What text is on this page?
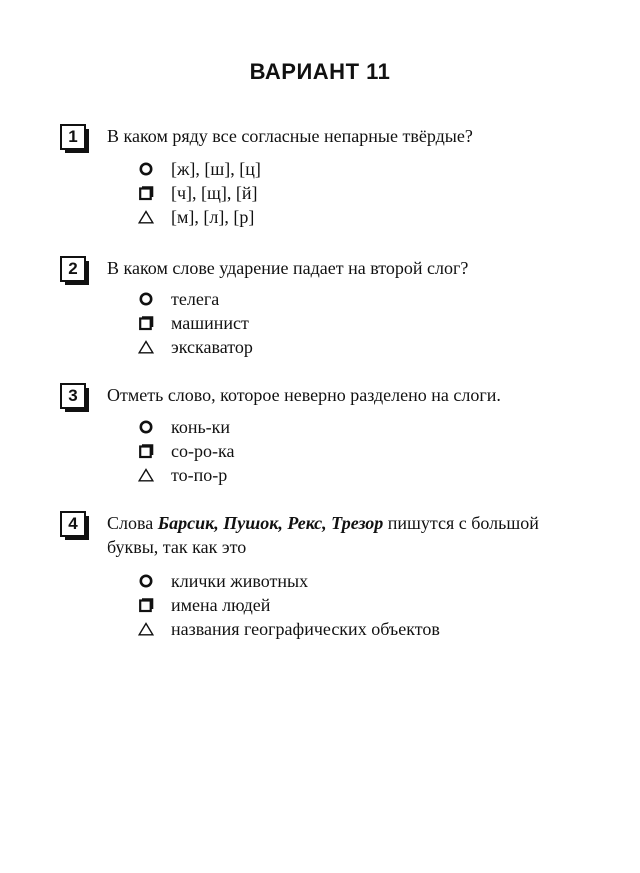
ВАРИАНТ 11
1	В каком ряду все согласные непарные твёрдые?
[ж], [ш], [ц]
[ч], [щ], [й]
[м], [л], [р]
2	В каком слове ударение падает на второй слог?
телега
машинист
экскаватор
3	Отметь слово, которое неверно разделено на слоги.
конь-ки
со-ро-ка
то-по-р
4	Слова Барсик, Пушок, Рекс, Трезор пишутся с большой буквы, так как это
клички животных
имена людей
названия географических объектов
